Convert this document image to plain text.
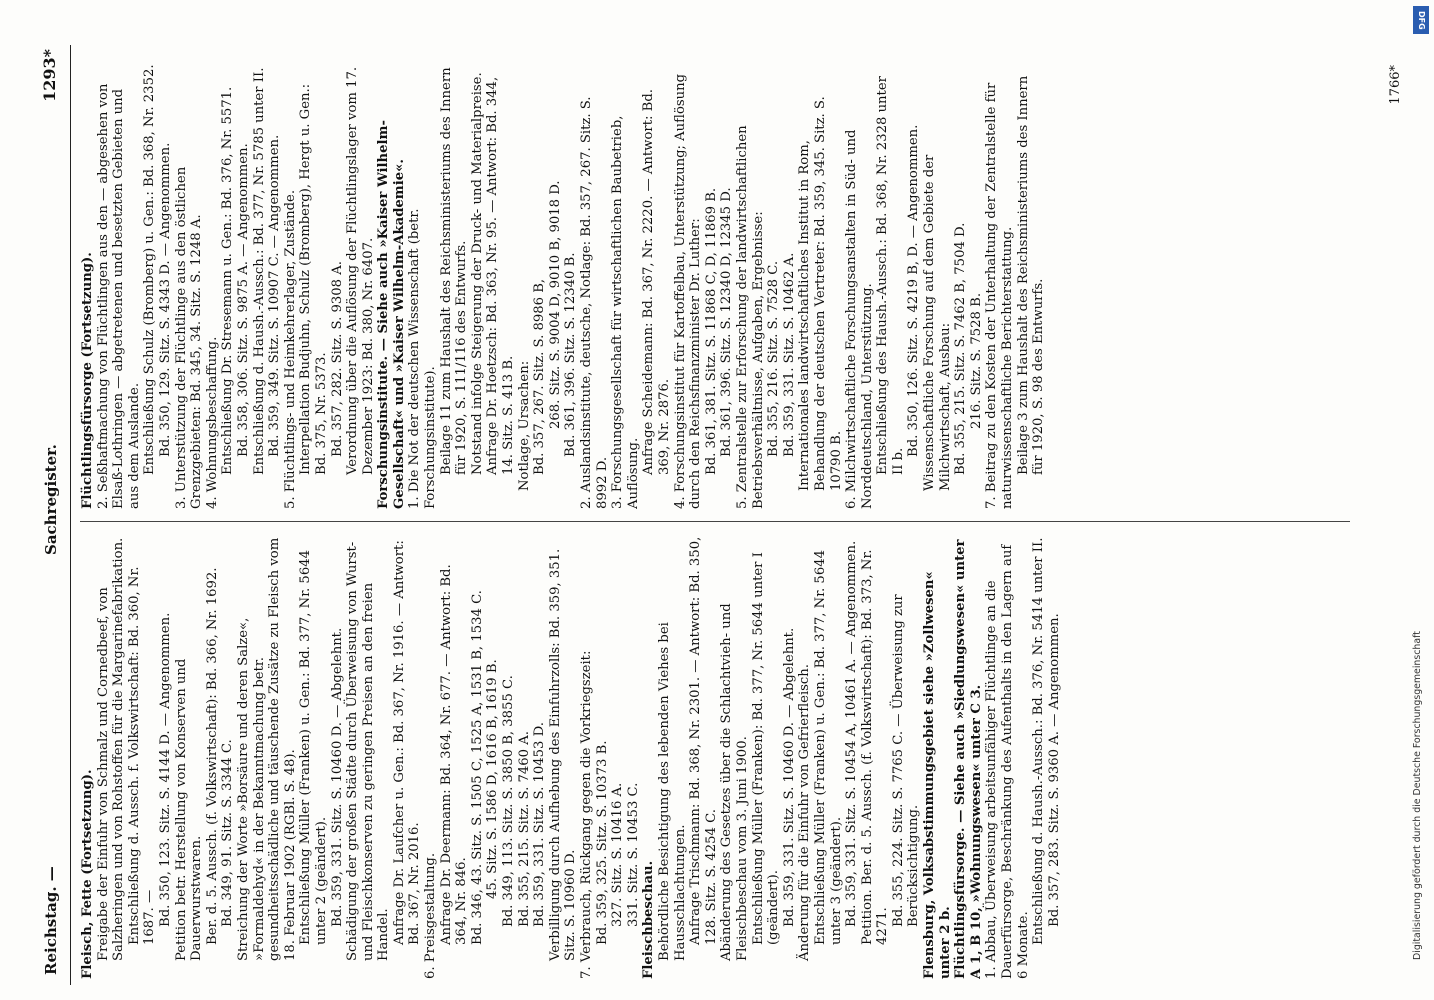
Reichstag. —
Sachregister.
1293*

Fleisch, Fette (Fortsetzung). Freigabe der Einfuhr von Schmalz und Cornedbeef, von Salzheringen und von Rohstoffen für die Margarinefabrikation. Entschließung d. Aussch. f. Volkswirtschaft: Bd. 360, Nr. 1687. — Bd. 350, 123. Sitz. S. 4144 D. — Angenommen. Petition betr. Herstellung von Konserven und Dauerwurstwaren. Ber. d. 5. Aussch. (f. Volkswirtschaft): Bd. 366, Nr. 1692. Bd. 349, 91. Sitz. S. 3344 C. Streichung der Worte »Borsäure und deren Salze«, »Formaldehyd« in der Bekanntmachung betr. gesundheitsschädliche und täuschende Zusätze zu Fleisch vom 18. Februar 1902 (RGBl. S. 48). Entschließung Müller (Franken) u. Gen.: Bd. 377, Nr. 5644 unter 2 (geändert). Bd. 359, 331. Sitz. S. 10460 D. — Abgelehnt. Schädigung der großen Städte durch Überweisung von Wurst- und Fleischkonserven zu geringen Preisen an den freien Handel. Anfrage Dr. Laufcher u. Gen.: Bd. 367, Nr. 1916. — Antwort: Bd. 367, Nr. 2016. 6. Preisgestaltung. Anfrage Dr. Deermann: Bd. 364, Nr. 677. — Antwort: Bd. 364, Nr. 846. Bd. 346, 43. Sitz. S. 1505 C, 1525 A, 1531 B, 1534 C. 45. Sitz. S. 1586 D, 1616 B, 1619 B. Bd. 349, 113. Sitz. S. 3850 B, 3855 C. Bd. 355, 215. Sitz. S. 7460 A. Bd. 359, 331. Sitz. S. 10453 D. Verbilligung durch Aufhebung des Einfuhrzolls: Bd. 359, 351. Sitz. S. 10960 D. 7. Verbrauch, Rückgang gegen die Vorkriegszeit: Bd. 359, 325. Sitz. S. 10373 B. 327. Sitz. S. 10416 A. 331. Sitz. S. 10453 C. Fleischbeschau. Behördliche Besichtigung des lebenden Viehes bei Hausschlachtungen. Anfrage Trischmann: Bd. 368, Nr. 2301. — Antwort: Bd. 350, 128. Sitz. S. 4254 C. Abänderung des Gesetzes über die Schlachtvieh- und Fleischbeschau vom 3. Juni 1900. Entschließung Müller (Franken): Bd. 377, Nr. 5644 unter I (geändert). Bd. 359, 331. Sitz. S. 10460 D. — Abgelehnt. Änderung für die Einfuhr von Gefrierfleisch. Entschließung Müller (Franken) u. Gen.: Bd. 377, Nr. 5644 unter 3 (geändert). Bd. 359, 331. Sitz. S. 10454 A, 10461 A. — Angenommen. Petition. Ber. d. 5. Aussch. (f. Volkswirtschaft): Bd. 373, Nr. 4271. Bd. 355, 224. Sitz. S. 7765 C. — Überweisung zur Berücksichtigung. Flensburg, Volksabstimmungsgebiet siehe »Zollwesen« unter 2 b. Flüchtlingsfürsorge. — Siehe auch »Siedlungswesen« unter A 1, B 10, »Wohnungswesen« unter C 3. 1. Abbau, Überweisung arbeitsunfähiger Flüchtlinge an die Dauerfürsorge, Beschränkung des Aufenthalts in den Lagern auf 6 Monate.

Entschließung d. Haush.-Aussch.: Bd. 376, Nr. 5414 unter II. Bd. 357, 283. Sitz. S. 9360 A. — Angenommen.

Flüchtlingsfürsorge (Fortsetzung). 2. Seßhaftmachung von Flüchtlingen aus den — abgesehen von Elsaß-Lothringen — abgetretenen und besetzten Gebieten und aus dem Auslande. Entschließung Schulz (Bromberg) u. Gen.: Bd. 368, Nr. 2352. Bd. 350, 129. Sitz. S. 4343 D. — Angenommen. 3. Unterstützung der Flüchtlinge aus den östlichen Grenzgebieten: Bd. 345, 34. Sitz. S. 1248 A. 4. Wohnungsbeschaffung. Entschließung Dr. Stresemann u. Gen.: Bd. 376, Nr. 5571. Bd. 358, 306. Sitz. S. 9875 A. — Angenommen. Entschließung d. Haush.-Aussch.: Bd. 377, Nr. 5785 unter II. Bd. 359, 349. Sitz. S. 10907 C. — Angenommen. 5. Flüchtlings- und Heimkehrerlager, Zustände. Interpellation Budjuhn, Schulz (Bromberg), Hergt u. Gen.: Bd. 375, Nr. 5373. Bd. 357, 282. Sitz. S. 9308 A. Verordnung über die Auflösung der Flüchtlingslager vom 17. Dezember 1923: Bd. 380, Nr. 6407. Forschungsinstitute. — Siehe auch »Kaiser Wilhelm-Gesellschaft« und »Kaiser Wilhelm-Akademie«. 1. Die Not der deutschen Wissenschaft (betr. Forschungsinstitute). Beilage 11 zum Haushalt des Reichsministeriums des Innern für 1920, S. 111/116 des Entwurfs. Notstand infolge Steigerung der Druck- und Materialpreise. Anfrage Dr. Hoetzsch: Bd. 363, Nr. 95. — Antwort: Bd. 344, 14. Sitz. S. 413 B. Notlage, Ursachen: Bd. 357, 267. Sitz. S. 8986 B, 268. Sitz. S. 9004 D, 9010 B, 9018 D. Bd. 361, 396. Sitz. S. 12340 B. 2. Auslandsinstitute, deutsche, Notlage: Bd. 357, 267. Sitz. S. 8992 D. 3. Forschungsgesellschaft für wirtschaftlichen Baubetrieb, Auflösung. Anfrage Scheidemann: Bd. 367, Nr. 2220. — Antwort: Bd. 369, Nr. 2876. 4. Forschungsinstitut für Kartoffelbau, Unterstützung; Auflösung durch den Reichsfinanzminister Dr. Luther: Bd. 361, 381. Sitz. S. 11868 C, D, 11869 B. Bd. 361, 396. Sitz. S. 12340 D, 12345 D. 5. Zentralstelle zur Erforschung der landwirtschaftlichen Betriebsverhältnisse, Aufgaben, Ergebnisse: Bd. 355, 216. Sitz. S. 7528 C. Bd. 359, 331. Sitz. S. 10462 A. Internationales landwirtschaftliches Institut in Rom, Behandlung der deutschen Vertreter: Bd. 359, 345. Sitz. S. 10790 B. 6. Milchwirtschaftliche Forschungsanstalten in Süd- und Norddeutschland, Unterstützung. Entschließung des Haush.-Aussch.: Bd. 368, Nr. 2328 unter II b.

Bd. 350, 126. Sitz. S. 4219 B, D. — Angenommen. Wissenschaftliche Forschung auf dem Gebiete der Milchwirtschaft, Ausbau: Bd. 355, 215. Sitz. S. 7462 B, 7504 D. 216. Sitz. S. 7528 B. 7. Beitrag zu den Kosten der Unterhaltung der Zentralstelle für naturwissenschaftliche Berichterstattung. Beilage 3 zum Haushalt des Reichsministeriums des Innern für 1920, S. 98 des Entwurfs.

1766*
DFG
Digitalisierung gefördert durch die Deutsche Forschungsgemeinschaft
